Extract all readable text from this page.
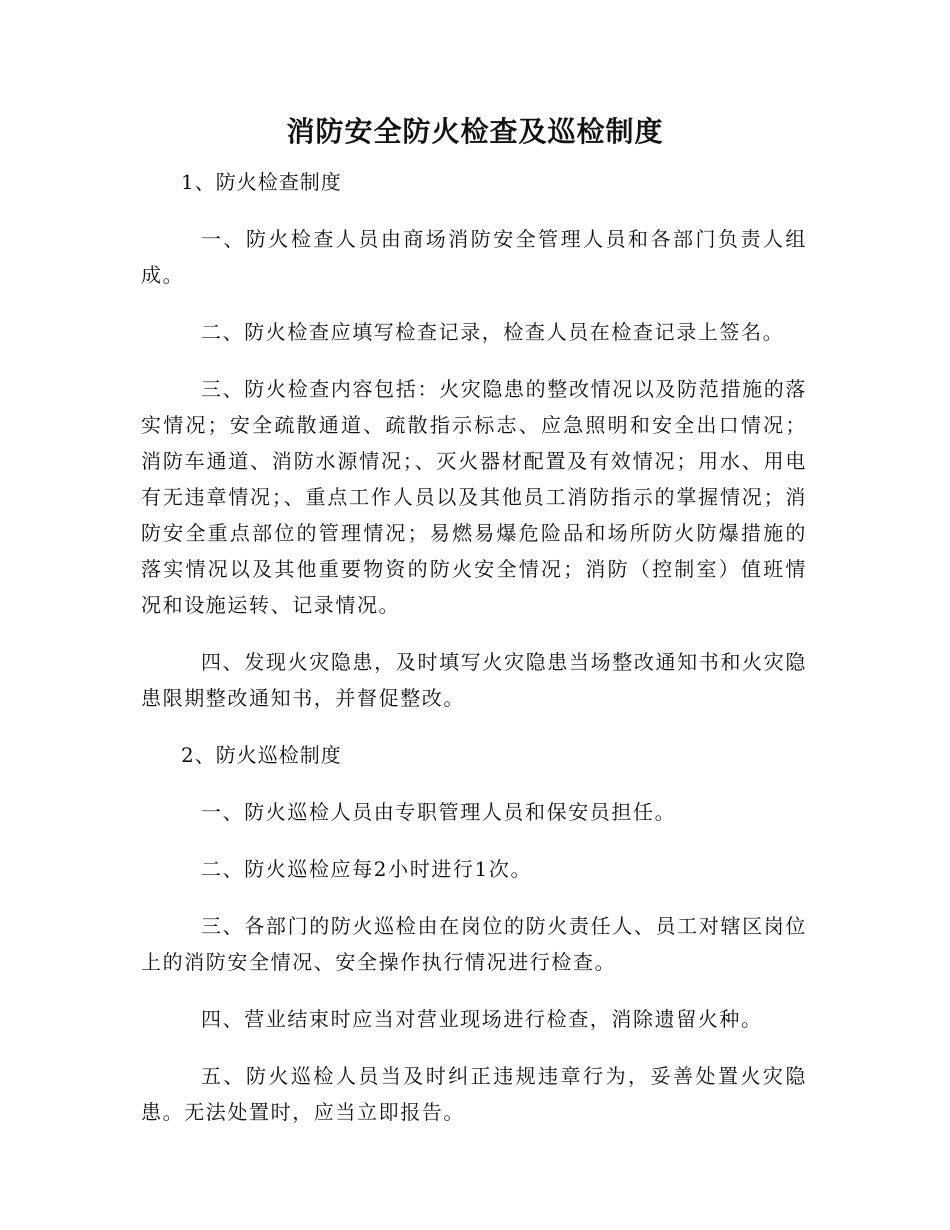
消防安全防火检查及巡检制度
1、防火检查制度

一、防火检查人员由商场消防安全管理人员和各部门负责人组成。

二、防火检查应填写检查记录，检查人员在检查记录上签名。

三、防火检查内容包括：火灾隐患的整改情况以及防范措施的落实情况；安全疏散通道、疏散指示标志、应急照明和安全出口情况；消防车通道、消防水源情况；、灭火器材配置及有效情况；用水、用电有无违章情况；、重点工作人员以及其他员工消防指示的掌握情况；消防安全重点部位的管理情况；易燃易爆危险品和场所防火防爆措施的落实情况以及其他重要物资的防火安全情况；消防（控制室）值班情况和设施运转、记录情况。

四、发现火灾隐患，及时填写火灾隐患当场整改通知书和火灾隐患限期整改通知书，并督促整改。

2、防火巡检制度

一、防火巡检人员由专职管理人员和保安员担任。

二、防火巡检应每2小时进行1次。

三、各部门的防火巡检由在岗位的防火责任人、员工对辖区岗位上的消防安全情况、安全操作执行情况进行检查。

四、营业结束时应当对营业现场进行检查，消除遗留火种。

五、防火巡检人员当及时纠正违规违章行为，妥善处置火灾隐患。无法处置时，应当立即报告。
